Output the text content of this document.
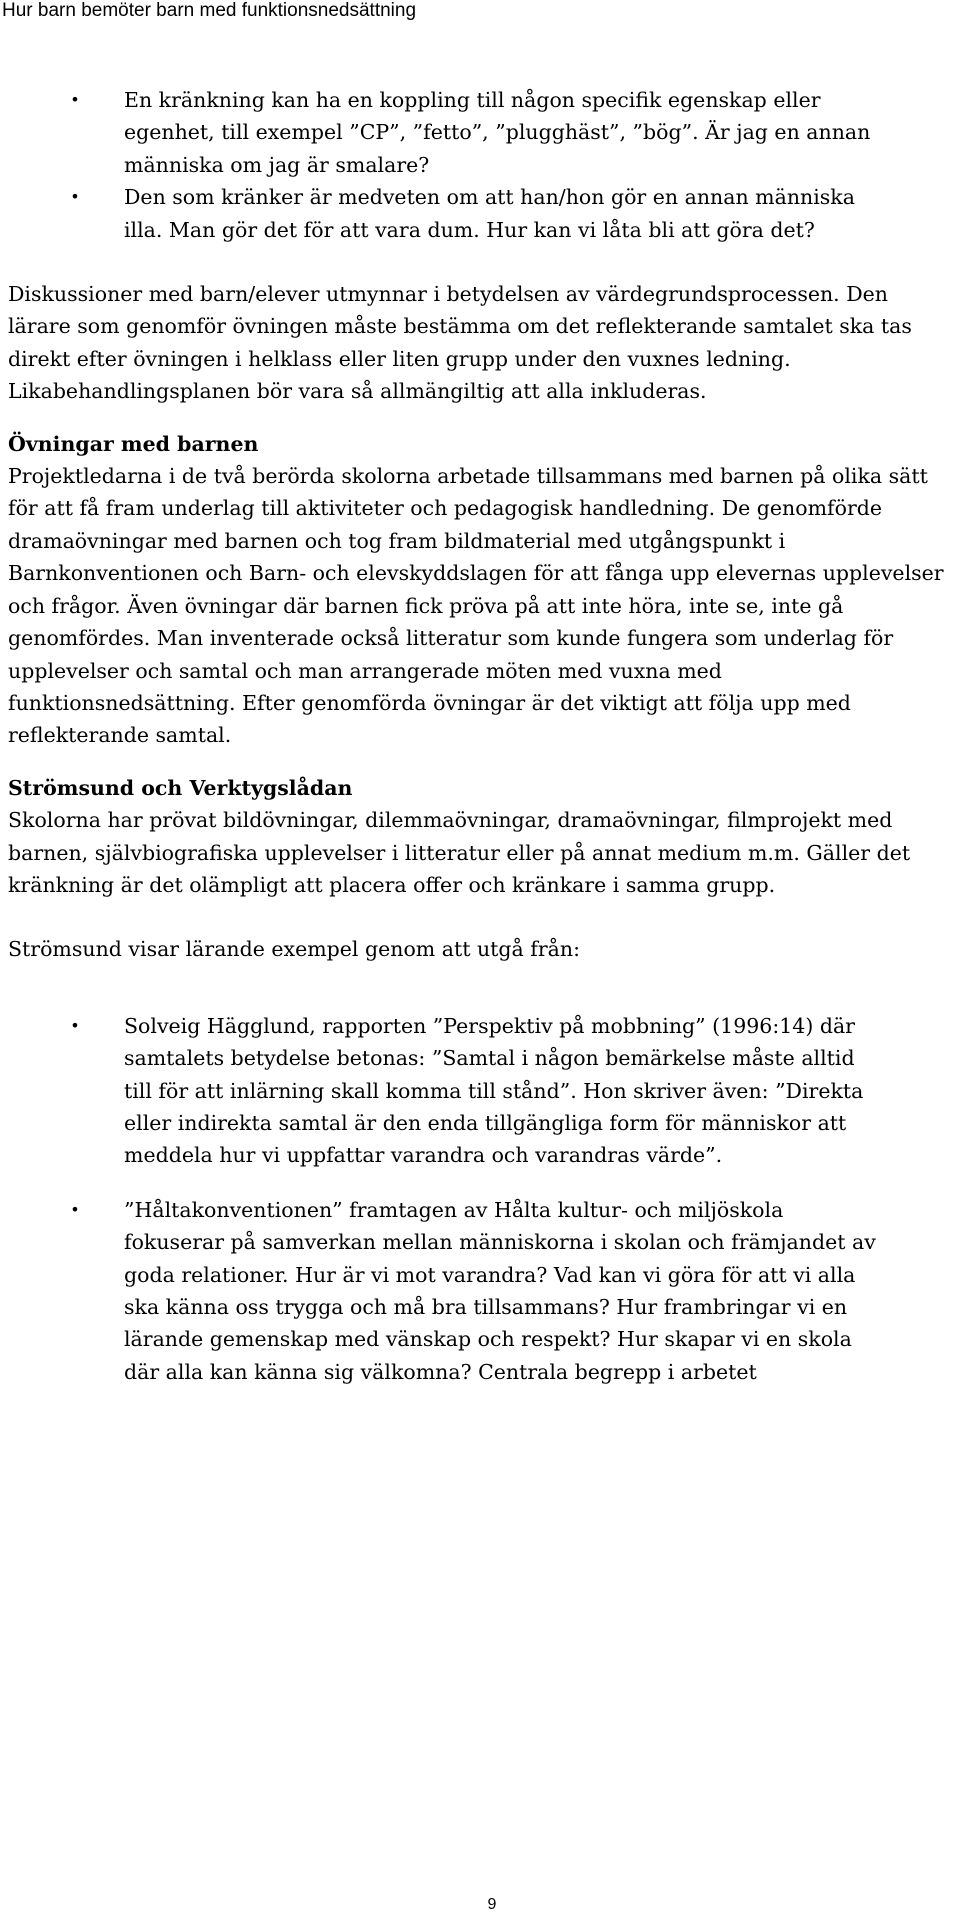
Hur barn bemöter barn med funktionsnedsättning
• En kränkning kan ha en koppling till någon specifik egenskap eller egenhet, till exempel ”CP”, ”fetto”, ”plugghäst”, ”bög”. Är jag en annan människa om jag är smalare?
• Den som kränker är medveten om att han/hon gör en annan människa illa. Man gör det för att vara dum. Hur kan vi låta bli att göra det?

Diskussioner med barn/elever utmynnar i betydelsen av värdegrundsprocessen. Den lärare som genomför övningen måste bestämma om det reflekterande samtalet ska tas direkt efter övningen i helklass eller liten grupp under den vuxnes ledning. Likabehandlingsplanen bör vara så allmängiltig att alla inkluderas.

Övningar med barnen

Projektledarna i de två berörda skolorna arbetade tillsammans med barnen på olika sätt för att få fram underlag till aktiviteter och pedagogisk handledning. De genomförde dramaövningar med barnen och tog fram bildmaterial med utgångspunkt i Barnkonventionen och Barn- och elevskyddslagen för att fånga upp elevernas upplevelser och frågor. Även övningar där barnen fick pröva på att inte höra, inte se, inte gå genomfördes. Man inventerade också litteratur som kunde fungera som underlag för upplevelser och samtal och man arrangerade möten med vuxna med funktionsnedsättning. Efter genomförda övningar är det viktigt att följa upp med reflekterande samtal.

Strömsund och Verktygslådan

Skolorna har prövat bildövningar, dilemmaövningar, dramaövningar, filmprojekt med barnen, självbiografiska upplevelser i litteratur eller på annat medium m.m. Gäller det kränkning är det olämpligt att placera offer och kränkare i samma grupp.

Strömsund visar lärande exempel genom att utgå från:

• Solveig Hägglund, rapporten ”Perspektiv på mobbning” (1996:14) där samtalets betydelse betonas: ”Samtal i någon bemärkelse måste alltid till för att inlärning skall komma till stånd”. Hon skriver även: ”Direkta eller indirekta samtal är den enda tillgängliga form för människor att meddela hur vi uppfattar varandra och varandras värde”.
• ”Håltakonventionen” framtagen av Hålta kultur- och miljöskola fokuserar på samverkan mellan människorna i skolan och främjandet av goda relationer. Hur är vi mot varandra? Vad kan vi göra för att vi alla ska känna oss trygga och må bra tillsammans? Hur frambringar vi en lärande gemenskap med vänskap och respekt? Hur skapar vi en skola där alla kan känna sig välkomna? Centrala begrepp i arbetet
9
